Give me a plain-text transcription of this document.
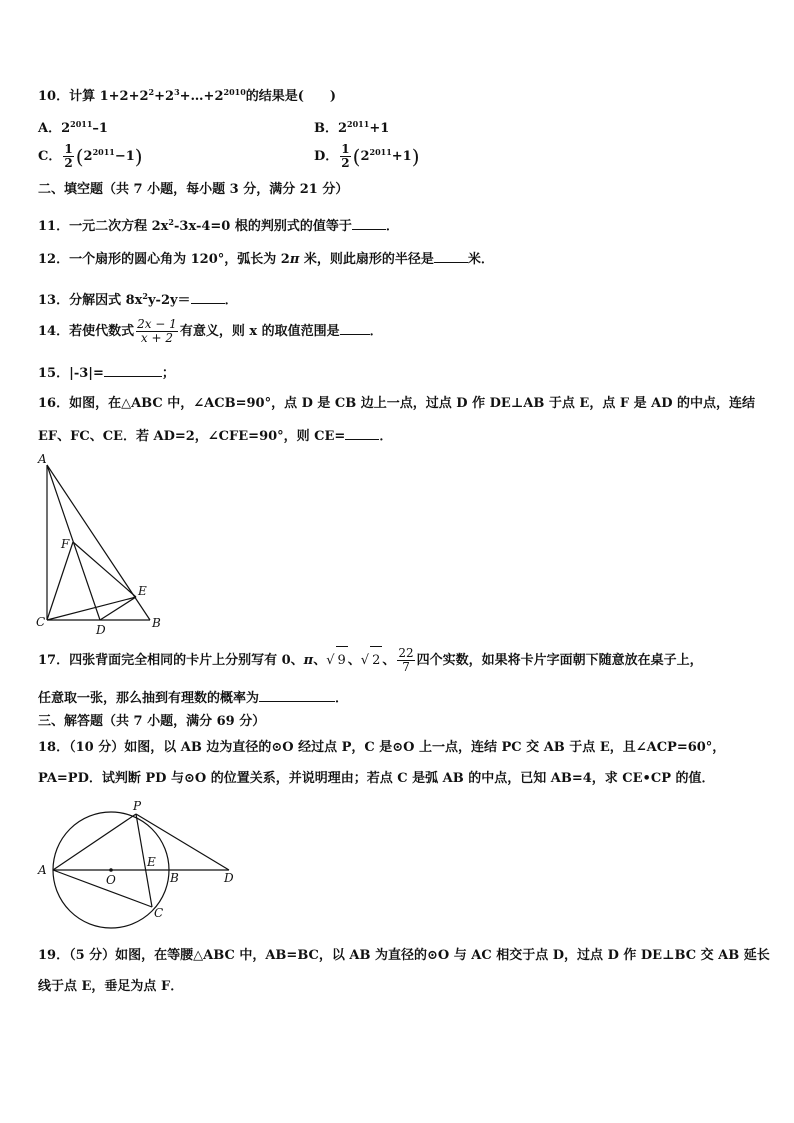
10．计算 $1+2+2^2+2^3+\dots+2^{2010}$的结果是(　　)
A．$2^{2011}-1$	B．$2^{2011}+1$
C． $\frac{1}{2} (2^{2011}-1)$	D． $\frac{1}{2} (2^{2011}+1)$
二、填空题（共 7 小题，每小题 3 分，满分 21 分）
11．一元二次方程 $2x^2-3x-4=0$ 根的判别式的值等于	．
12．一个扇形的圆心角为 120°，弧长为 2π 米，则此扇形的半径是	米．
13．分解因式 $8x^2y-2y=$	．
14．若使代数式 $\frac{2x - 1}{x + 2}$ 有意义，则 x 的取值范围是 ．
15．|-3|=	；
16．如图，在△ABC 中，∠ACB=90°，点 D 是 CB 边上一点，过点 D 作 DE⊥AB 于点 E，点 F 是 AD 的中点，连结
EF、FC、CE．若 AD=2，∠CFE=90°，则 CE=	．
A
F
E
C
D	B
17．四张背面完全相同的卡片上分别写有 0、π、√ 9 、√ 2 、 $\frac{22}{7}$ 四个实数，如果将卡片字面朝下随意放在桌子上，
任意取一张，那么抽到有理数的概率为	．
三、解答题（共 7 小题，满分 69 分）
18．（10 分）如图，以 AB 边为直径的⊙O 经过点 P，C 是⊙O 上一点，连结 PC 交 AB 于点 E，且∠ACP=60°，
PA=PD．试判断 PD 与⊙O 的位置关系，并说明理由；若点 C 是弧 AB 的中点，已知 AB=4，求 CE•CP 的值．
P
A
O
E
B	D
C
19．（5 分）如图，在等腰△ABC 中，AB=BC，以 AB 为直径的⊙O 与 AC 相交于点 D，过点 D 作 DE⊥BC 交 AB 延长
线于点 E，垂足为点 F．
